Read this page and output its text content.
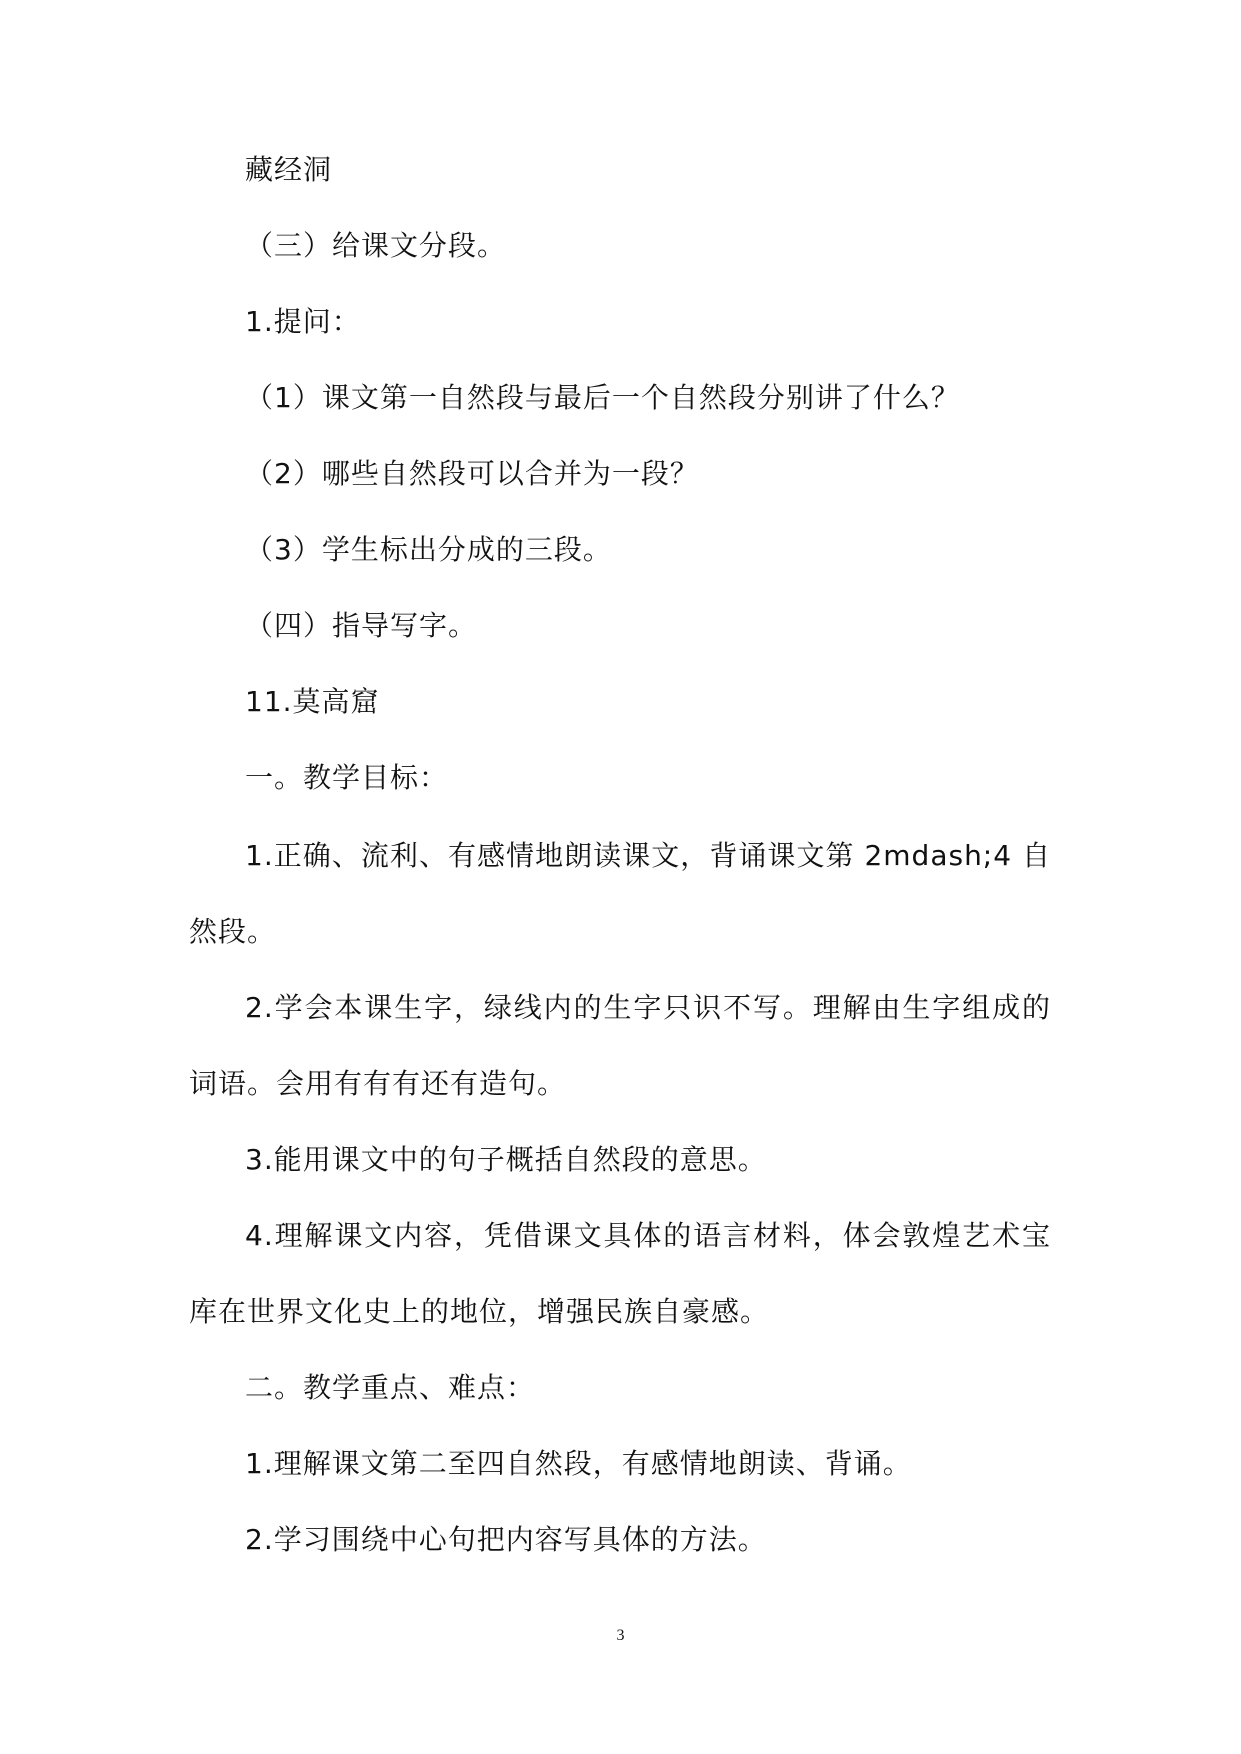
藏经洞
（三）给课文分段。
1.提问：
（1）课文第一自然段与最后一个自然段分别讲了什么？
（2）哪些自然段可以合并为一段？
（3）学生标出分成的三段。
（四）指导写字。
11.莫高窟
一。教学目标：
1.正确、流利、有感情地朗读课文，背诵课文第 2mdash;4 自然段。
2.学会本课生字，绿线内的生字只识不写。理解由生字组成的词语。会用有有有还有造句。
3.能用课文中的句子概括自然段的意思。
4.理解课文内容，凭借课文具体的语言材料，体会敦煌艺术宝库在世界文化史上的地位，增强民族自豪感。
二。教学重点、难点：
1.理解课文第二至四自然段，有感情地朗读、背诵。
2.学习围绕中心句把内容写具体的方法。
3
